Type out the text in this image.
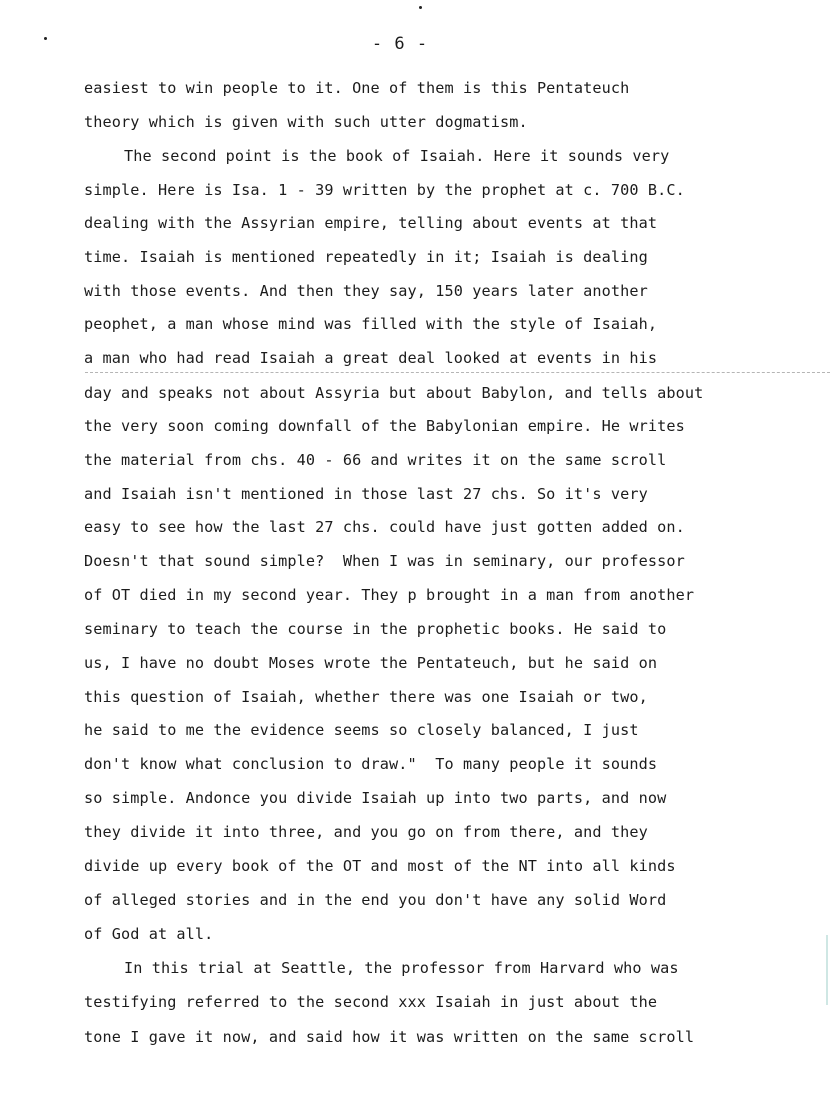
- 6 -
easiest to win people to it. One of them is this Pentateuch
theory which is given with such utter dogmatism.
The second point is the book of Isaiah. Here it sounds very
simple. Here is Isa. 1 - 39 written by the prophet at c. 700 B.C.
dealing with the Assyrian empire, telling about events at that
time. Isaiah is mentioned repeatedly in it; Isaiah is dealing
with those events. And then they say, 150 years later another
peophet, a man whose mind was filled with the style of Isaiah,
a man who had read Isaiah a great deal looked at events in his
day and speaks not about Assyria but about Babylon, and tells about
the very soon coming downfall of the Babylonian empire. He writes
the material from chs. 40 - 66 and writes it on the same scroll
and Isaiah isn't mentioned in those last 27 chs. So it's very
easy to see how the last 27 chs. could have just gotten added on.
Doesn't that sound simple?  When I was in seminary, our professor
of OT died in my second year. They p brought in a man from another
seminary to teach the course in the prophetic books. He said to
us, I have no doubt Moses wrote the Pentateuch, but he said on
this question of Isaiah, whether there was one Isaiah or two,
he said to me the evidence seems so closely balanced, I just
don't know what conclusion to draw."  To many people it sounds
so simple. Andonce you divide Isaiah up into two parts, and now
they divide it into three, and you go on from there, and they
divide up every book of the OT and most of the NT into all kinds
of alleged stories and in the end you don't have any solid Word
of God at all.
In this trial at Seattle, the professor from Harvard who was
testifying referred to the second xxx Isaiah in just about the
tone I gave it now, and said how it was written on the same scroll
